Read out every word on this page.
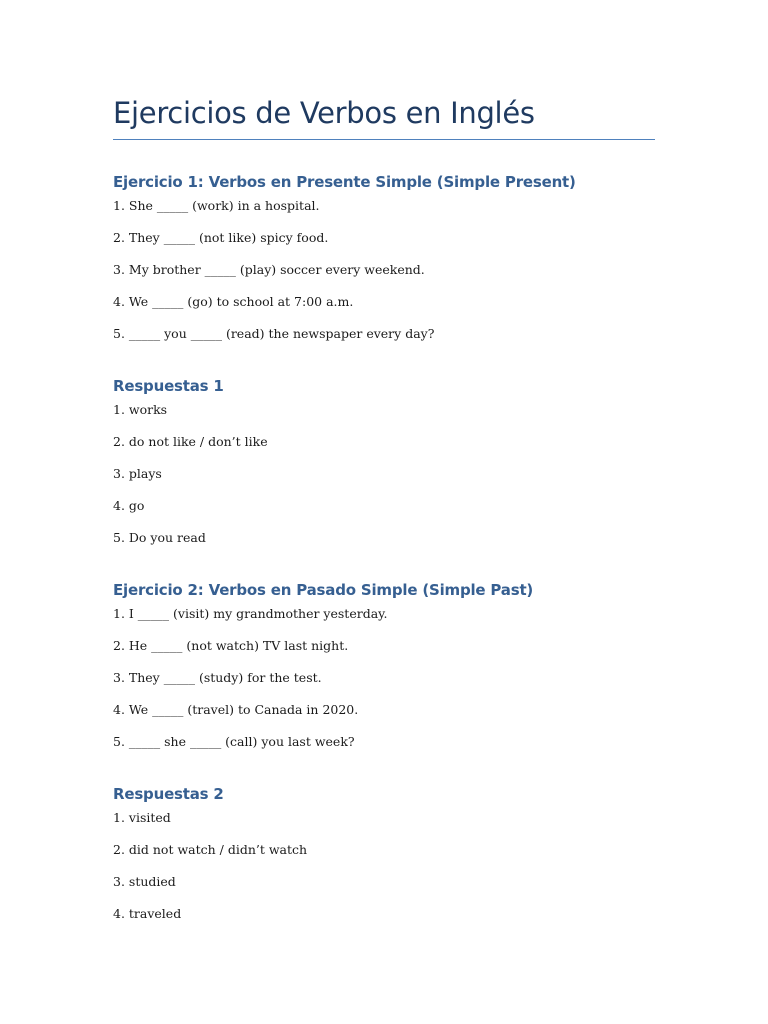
Ejercicios de Verbos en Inglés
Ejercicio 1: Verbos en Presente Simple (Simple Present)
1. She _____ (work) in a hospital.
2. They _____ (not like) spicy food.
3. My brother _____ (play) soccer every weekend.
4. We _____ (go) to school at 7:00 a.m.
5. _____ you _____ (read) the newspaper every day?
Respuestas 1
1. works
2. do not like / don’t like
3. plays
4. go
5. Do you read
Ejercicio 2: Verbos en Pasado Simple (Simple Past)
1. I _____ (visit) my grandmother yesterday.
2. He _____ (not watch) TV last night.
3. They _____ (study) for the test.
4. We _____ (travel) to Canada in 2020.
5. _____ she _____ (call) you last week?
Respuestas 2
1. visited
2. did not watch / didn’t watch
3. studied
4. traveled
